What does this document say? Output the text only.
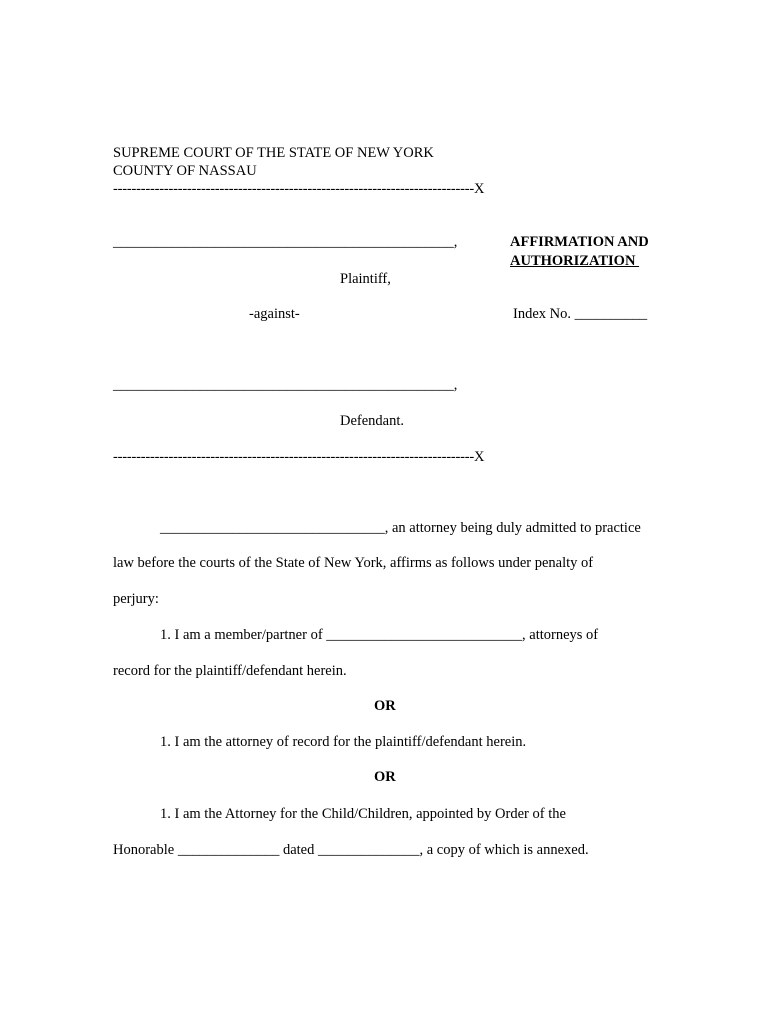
SUPREME COURT OF THE STATE OF NEW YORK
COUNTY OF NASSAU
------------------------------------------------------------------------------X
_______________________________________________,
Plaintiff,
-against-
_______________________________________________,
Defendant.
------------------------------------------------------------------------------X
AFFIRMATION AND
AUTHORIZATION
Index No. __________
_______________________________, an attorney being duly admitted to practice
law before the courts of the State of New York, affirms as follows under penalty of
perjury:
1. I am a member/partner of ___________________________, attorneys of
record for the plaintiff/defendant herein.
OR
1. I am the attorney of record for the plaintiff/defendant herein.
OR
1. I am the Attorney for the Child/Children, appointed by Order of the
Honorable ______________ dated ______________, a copy of which is annexed.
